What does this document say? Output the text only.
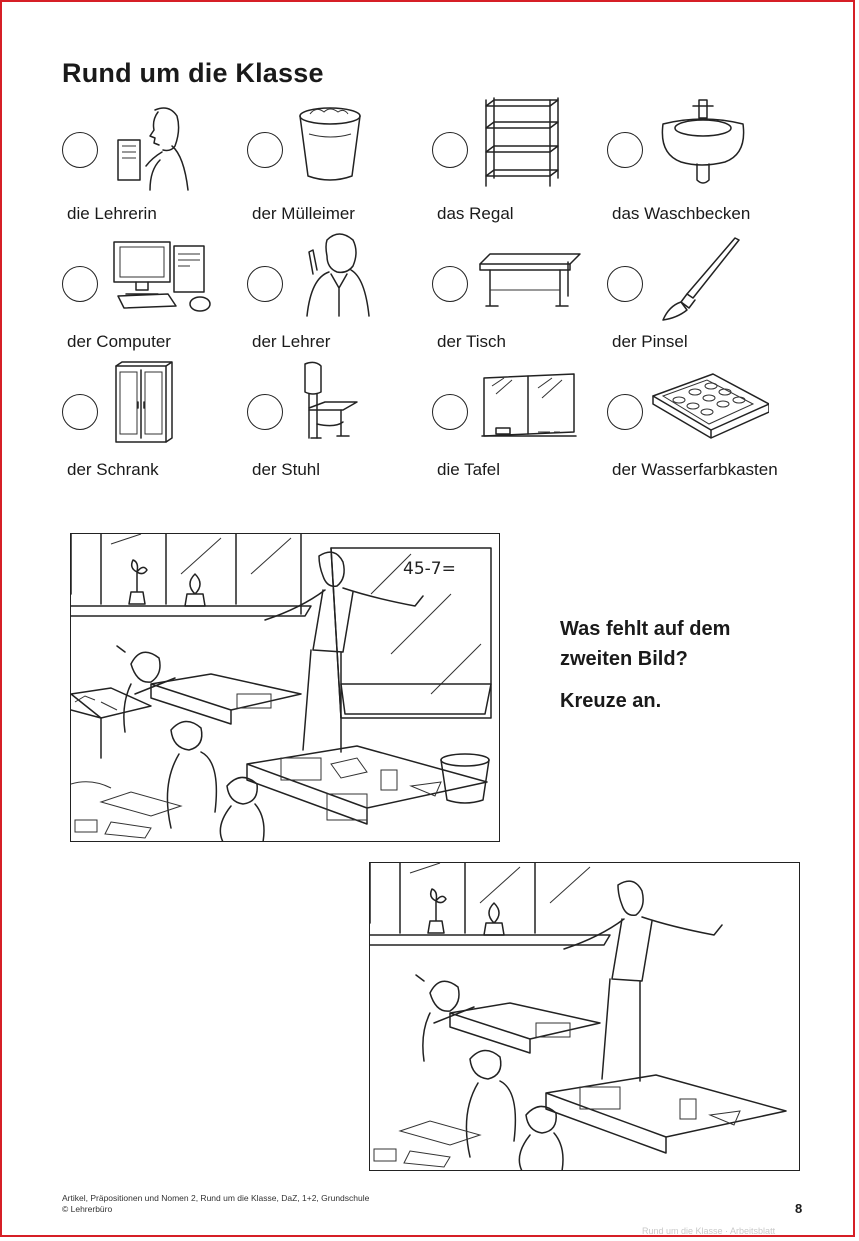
Rund um die Klasse
die Lehrerin	der Mülleimer	das Regal	das Waschbecken
der Computer	der Lehrer	der Tisch	der Pinsel
der Schrank	der Stuhl	die Tafel	der Wasserfarbkasten
45-7=
Was fehlt auf dem zweiten Bild?
Kreuze an.
Artikel, Präpositionen und Nomen 2, Rund um die Klasse, DaZ, 1+2, Grundschule
© Lehrerbüro	8
Rund um die Klasse · Arbeitsblatt
